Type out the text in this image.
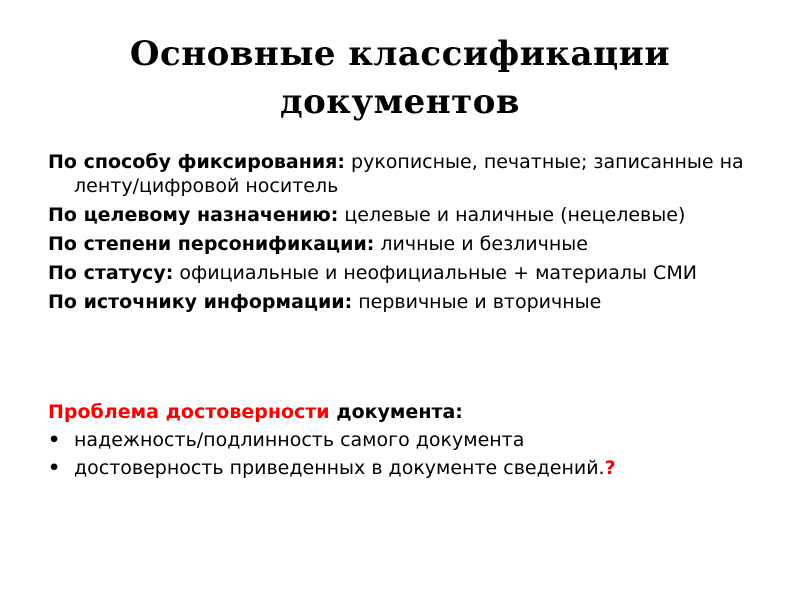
Основные классификации документов

По способу фиксирования: рукописные, печатные; записанные на ленту/цифровой носитель

По целевому назначению: целевые и наличные (нецелевые)

По степени персонификации: личные и безличные

По статусу: официальные и неофициальные + материалы СМИ

По источнику информации: первичные и вторичные

Проблема достоверности документа:

• надежность/подлинность самого документа
• достоверность приведенных в документе сведений.?
